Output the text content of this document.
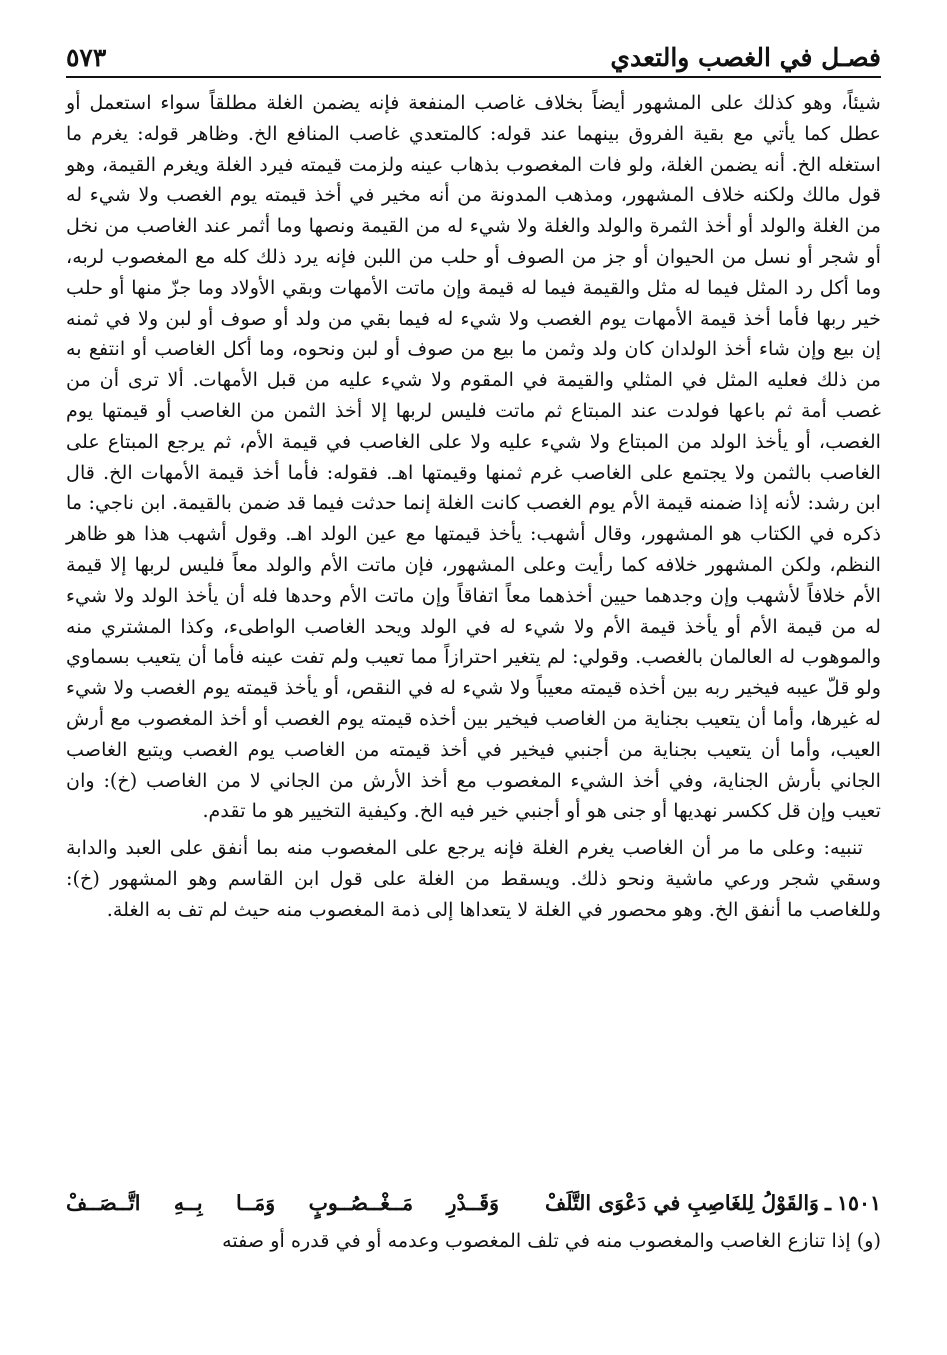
فصـل في الغصب والتعدي
٥٧٣

شيئاً، وهو كذلك على المشهور أيضاً بخلاف غاصب المنفعة فإنه يضمن الغلة مطلقاً سواء استعمل أو عطل كما يأتي مع بقية الفروق بينهما عند قوله: كالمتعدي غاصب المنافع الخ. وظاهر قوله: يغرم ما استغله الخ. أنه يضمن الغلة، ولو فات المغصوب بذهاب عينه ولزمت قيمته فيرد الغلة ويغرم القيمة، وهو قول مالك ولكنه خلاف المشهور، ومذهب المدونة من أنه مخير في أخذ قيمته يوم الغصب ولا شيء له من الغلة والولد أو أخذ الثمرة والولد والغلة ولا شيء له من القيمة ونصها وما أثمر عند الغاصب من نخل أو شجر أو نسل من الحيوان أو جز من الصوف أو حلب من اللبن فإنه يرد ذلك كله مع المغصوب لربه، وما أكل رد المثل فيما له مثل والقيمة فيما له قيمة وإن ماتت الأمهات وبقي الأولاد وما جزّ منها أو حلب خير ربها فأما أخذ قيمة الأمهات يوم الغصب ولا شيء له فيما بقي من ولد أو صوف أو لبن ولا في ثمنه إن بيع وإن شاء أخذ الولدان كان ولد وثمن ما بيع من صوف أو لبن ونحوه، وما أكل الغاصب أو انتفع به من ذلك فعليه المثل في المثلي والقيمة في المقوم ولا شيء عليه من قبل الأمهات. ألا ترى أن من غصب أمة ثم باعها فولدت عند المبتاع ثم ماتت فليس لربها إلا أخذ الثمن من الغاصب أو قيمتها يوم الغصب، أو يأخذ الولد من المبتاع ولا شيء عليه ولا على الغاصب في قيمة الأم، ثم يرجع المبتاع على الغاصب بالثمن ولا يجتمع على الغاصب غرم ثمنها وقيمتها اهـ. فقوله: فأما أخذ قيمة الأمهات الخ. قال ابن رشد: لأنه إذا ضمنه قيمة الأم يوم الغصب كانت الغلة إنما حدثت فيما قد ضمن بالقيمة. ابن ناجي: ما ذكره في الكتاب هو المشهور، وقال أشهب: يأخذ قيمتها مع عين الولد اهـ. وقول أشهب هذا هو ظاهر النظم، ولكن المشهور خلافه كما رأيت وعلى المشهور، فإن ماتت الأم والولد معاً فليس لربها إلا قيمة الأم خلافاً لأشهب وإن وجدهما حيين أخذهما معاً اتفاقاً وإن ماتت الأم وحدها فله أن يأخذ الولد ولا شيء له من قيمة الأم أو يأخذ قيمة الأم ولا شيء له في الولد ويحد الغاصب الواطىء، وكذا المشتري منه والموهوب له العالمان بالغصب. وقولي: لم يتغير احترازاً مما تعيب ولم تفت عينه فأما أن يتعيب بسماوي ولو قلّ عيبه فيخير ربه بين أخذه قيمته معيباً ولا شيء له في النقص، أو يأخذ قيمته يوم الغصب ولا شيء له غيرها، وأما أن يتعيب بجناية من الغاصب فيخير بين أخذه قيمته يوم الغصب أو أخذ المغصوب مع أرش العيب، وأما أن يتعيب بجناية من أجنبي فيخير في أخذ قيمته من الغاصب يوم الغصب ويتبع الغاصب الجاني بأرش الجناية، وفي أخذ الشيء المغصوب مع أخذ الأرش من الجاني لا من الغاصب (خ): وان تعيب وإن قل ككسر نهديها أو جنى هو أو أجنبي خير فيه الخ. وكيفية التخيير هو ما تقدم.

تنبيه: وعلى ما مر أن الغاصب يغرم الغلة فإنه يرجع على المغصوب منه بما أنفق على العبد والدابة وسقي شجر ورعي ماشية ونحو ذلك. ويسقط من الغلة على قول ابن القاسم وهو المشهور (خ): وللغاصب ما أنفق الخ. وهو محصور في الغلة لا يتعداها إلى ذمة المغصوب منه حيث لم تف به الغلة.

١٥٠١
ـ
وَالقَوْلُ لِلغَاصِبِ في دَعْوَى التَّلَفْ
وَقَــدْرِ مَــغْــصُــوبٍ وَمَــا بِــهِ اتَّــصَــفْ
(و) إذا تنازع الغاصب والمغصوب منه في تلف المغصوب وعدمه أو في قدره أو صفته
